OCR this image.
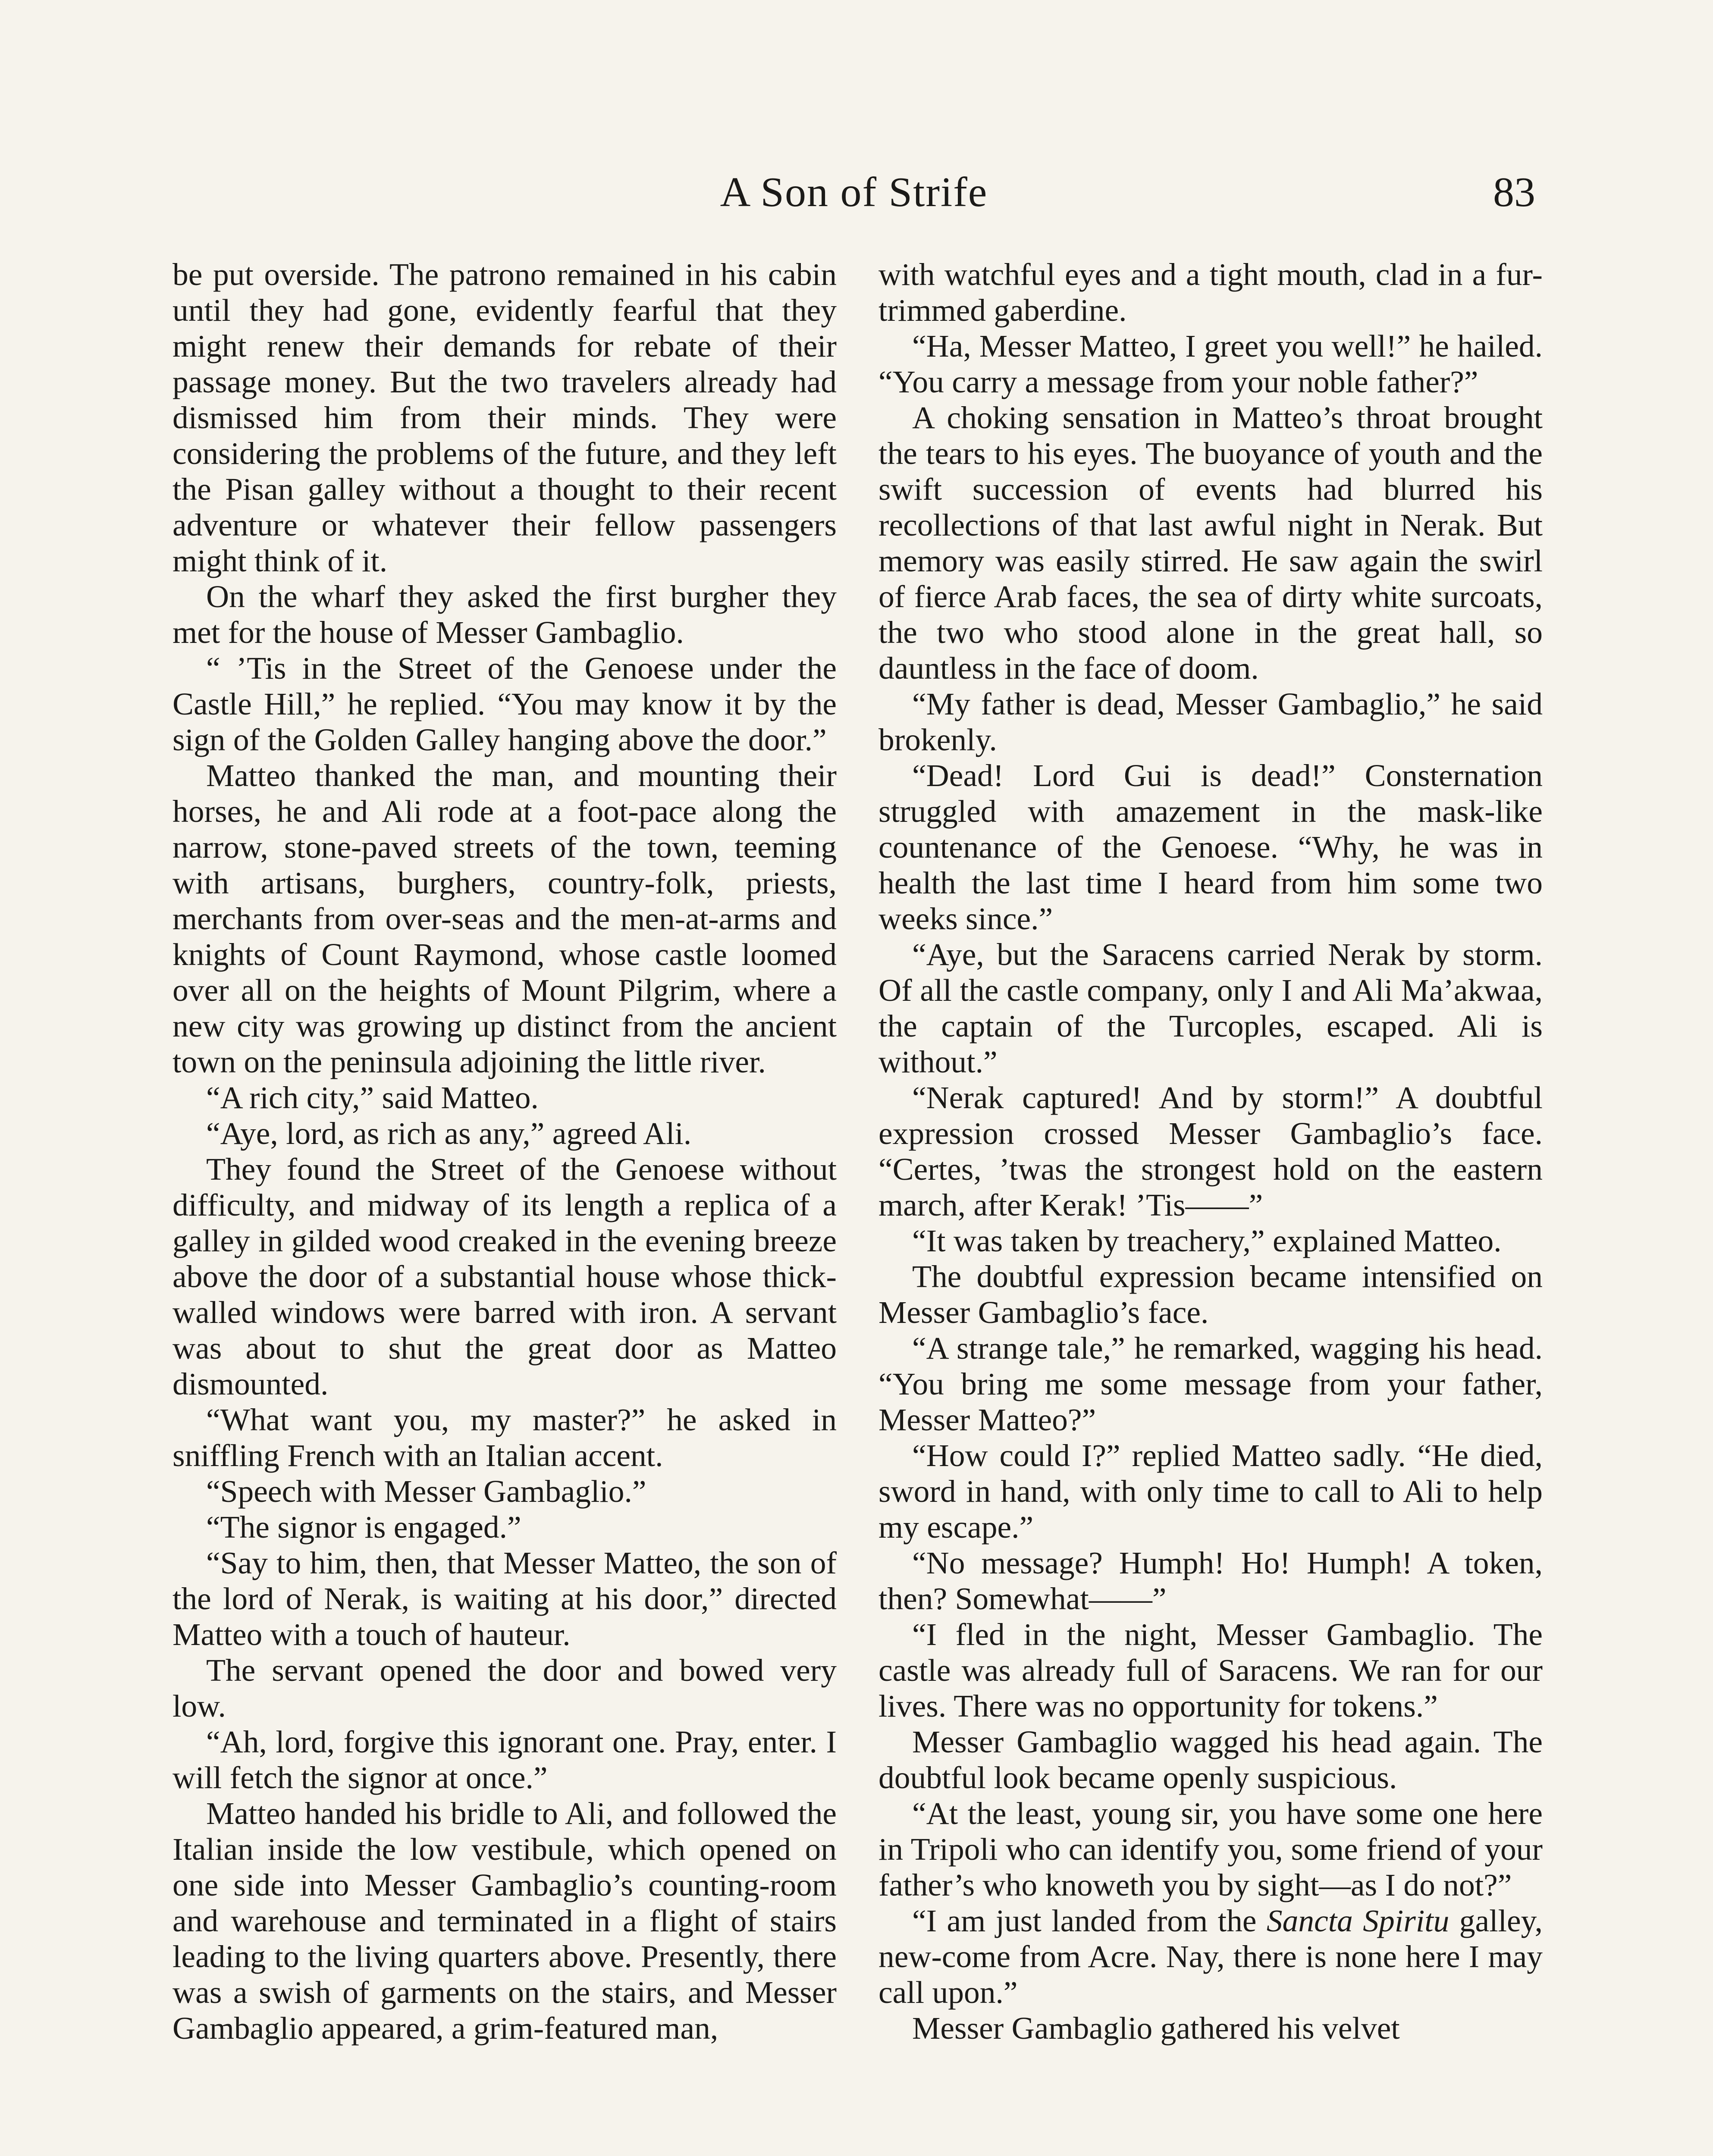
A Son of Strife	83

be put overside. The patrono remained in his cabin until they had gone, evidently fearful that they might renew their demands for rebate of their passage money. But the two travelers already had dismissed him from their minds. They were considering the problems of the future, and they left the Pisan galley without a thought to their recent adventure or whatever their fellow passengers might think of it.

On the wharf they asked the first burgher they met for the house of Messer Gambaglio.

“ ’Tis in the Street of the Genoese under the Castle Hill,” he replied. “You may know it by the sign of the Golden Galley hanging above the door.”

Matteo thanked the man, and mounting their horses, he and Ali rode at a foot-pace along the narrow, stone-paved streets of the town, teeming with artisans, burghers, country-folk, priests, merchants from over-seas and the men-at-arms and knights of Count Raymond, whose castle loomed over all on the heights of Mount Pilgrim, where a new city was growing up distinct from the ancient town on the peninsula adjoining the little river.

“A rich city,” said Matteo.

“Aye, lord, as rich as any,” agreed Ali.

They found the Street of the Genoese without difficulty, and midway of its length a replica of a galley in gilded wood creaked in the evening breeze above the door of a substantial house whose thick-walled windows were barred with iron. A servant was about to shut the great door as Matteo dismounted.

“What want you, my master?” he asked in sniffling French with an Italian accent.

“Speech with Messer Gambaglio.”

“The signor is engaged.”

“Say to him, then, that Messer Matteo, the son of the lord of Nerak, is waiting at his door,” directed Matteo with a touch of hauteur.

The servant opened the door and bowed very low.

“Ah, lord, forgive this ignorant one. Pray, enter. I will fetch the signor at once.”

Matteo handed his bridle to Ali, and followed the Italian inside the low vestibule, which opened on one side into Messer Gambaglio’s counting-room and warehouse and terminated in a flight of stairs leading to the living quarters above. Presently, there was a swish of garments on the stairs, and Messer Gambaglio appeared, a grim-featured man,

with watchful eyes and a tight mouth, clad in a fur-trimmed gaberdine.

“Ha, Messer Matteo, I greet you well!” he hailed. “You carry a message from your noble father?”

A choking sensation in Matteo’s throat brought the tears to his eyes. The buoyance of youth and the swift succession of events had blurred his recollections of that last awful night in Nerak. But memory was easily stirred. He saw again the swirl of fierce Arab faces, the sea of dirty white surcoats, the two who stood alone in the great hall, so dauntless in the face of doom.

“My father is dead, Messer Gambaglio,” he said brokenly.

“Dead! Lord Gui is dead!” Consternation struggled with amazement in the mask-like countenance of the Genoese. “Why, he was in health the last time I heard from him some two weeks since.”

“Aye, but the Saracens carried Nerak by storm. Of all the castle company, only I and Ali Ma’akwaa, the captain of the Turcoples, escaped. Ali is without.”

“Nerak captured! And by storm!” A doubtful expression crossed Messer Gambaglio’s face. “Certes, ’twas the strongest hold on the eastern march, after Kerak! ’Tis——”

“It was taken by treachery,” explained Matteo.

The doubtful expression became intensified on Messer Gambaglio’s face.

“A strange tale,” he remarked, wagging his head. “You bring me some message from your father, Messer Matteo?”

“How could I?” replied Matteo sadly. “He died, sword in hand, with only time to call to Ali to help my escape.”

“No message? Humph! Ho! Humph! A token, then? Somewhat——”

“I fled in the night, Messer Gambaglio. The castle was already full of Saracens. We ran for our lives. There was no opportunity for tokens.”

Messer Gambaglio wagged his head again. The doubtful look became openly suspicious.

“At the least, young sir, you have some one here in Tripoli who can identify you, some friend of your father’s who knoweth you by sight—as I do not?”

“I am just landed from the Sancta Spiritu galley, new-come from Acre. Nay, there is none here I may call upon.”

Messer Gambaglio gathered his velvet
